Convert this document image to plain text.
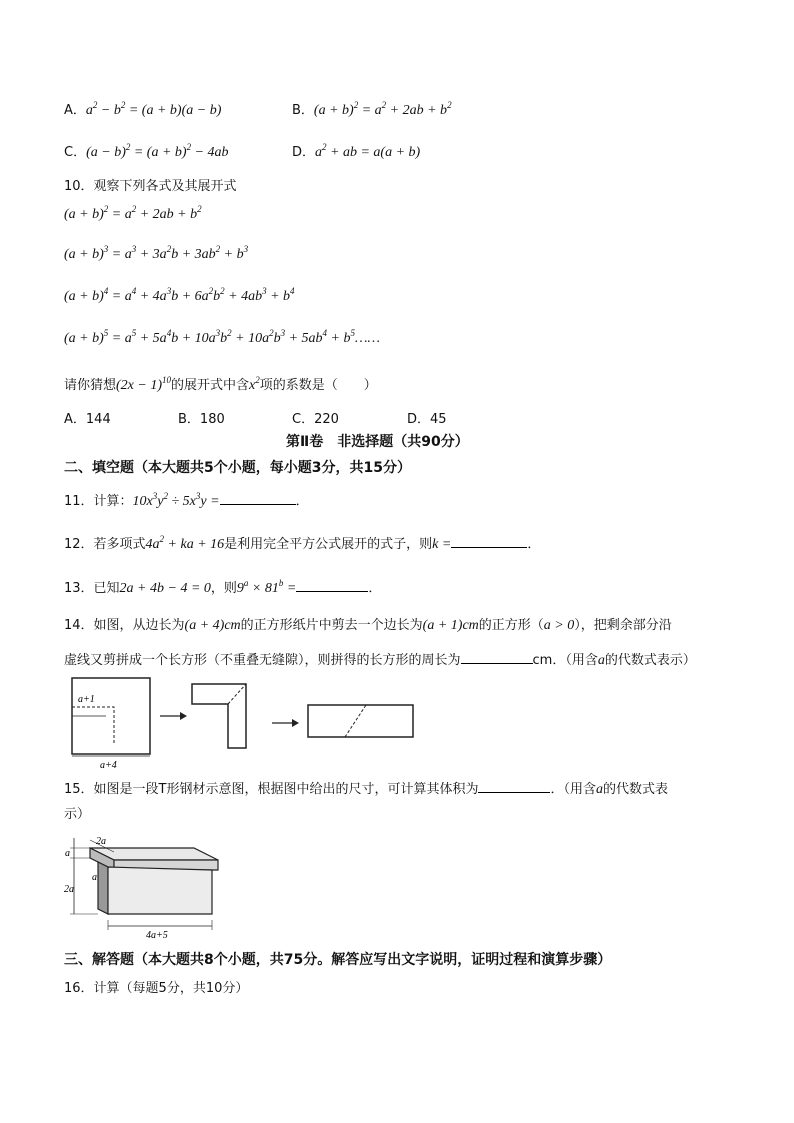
A．$a^2 - b^2 = (a + b)(a - b)$	B．$(a + b)^2 = a^2 + 2ab + b^2$
C．$(a - b)^2 = (a + b)^2 - 4ab$	D．$a^2$ + ab = a(a + b)
10．观察下列各式及其展开式
$(a + b)^2 = a^2 + 2ab + b^2$
$(a + b)^3 = a^3 + 3a^2b + 3ab^2 + b^3$
$(a + b)^4 = a^4 + 4a^3b + 6a^2b^2 + 4ab^3 + b^4$
$(a + b)^5 = a^5 + 5a^4b + 10a^3b^2 + 10a^2b^3 + 5ab^4$ + $b^5\dots\dots$
请你猜想$(2x - 1)^{10}$的展开式中含$x^2$项的系数是（　　）
A．144	B．180	C．220	D．45
第Ⅱ卷　非选择题（共90分）
二、填空题（本大题共5个小题，每小题3分，共15分）
11．计算：$10x^3y^2 \div 5x^3y$ =	．
12．若多项式$4a^2$ + ka + 16是利用完全平方公式展开的式子，则k =	．
13．已知2a + 4b − 4 = 0，则$9^a \times 81^b$ =	．
14．如图，从边长为(a + 4)cm的正方形纸片中剪去一个边长为(a + 1)cm的正方形（a > 0），把剩余部分沿
虚线又剪拼成一个长方形（不重叠无缝隙），则拼得的长方形的周长为	cm．（用含a的代数式表示）
a+1
a+4
15．如图是一段T形钢材示意图，根据图中给出的尺寸，可计算其体积为	．（用含a的代数式表
示）
2a
a
a
2a
4a+5
三、解答题（本大题共8个小题，共75分。解答应写出文字说明，证明过程和演算步骤）
16．计算（每题5分，共10分）
